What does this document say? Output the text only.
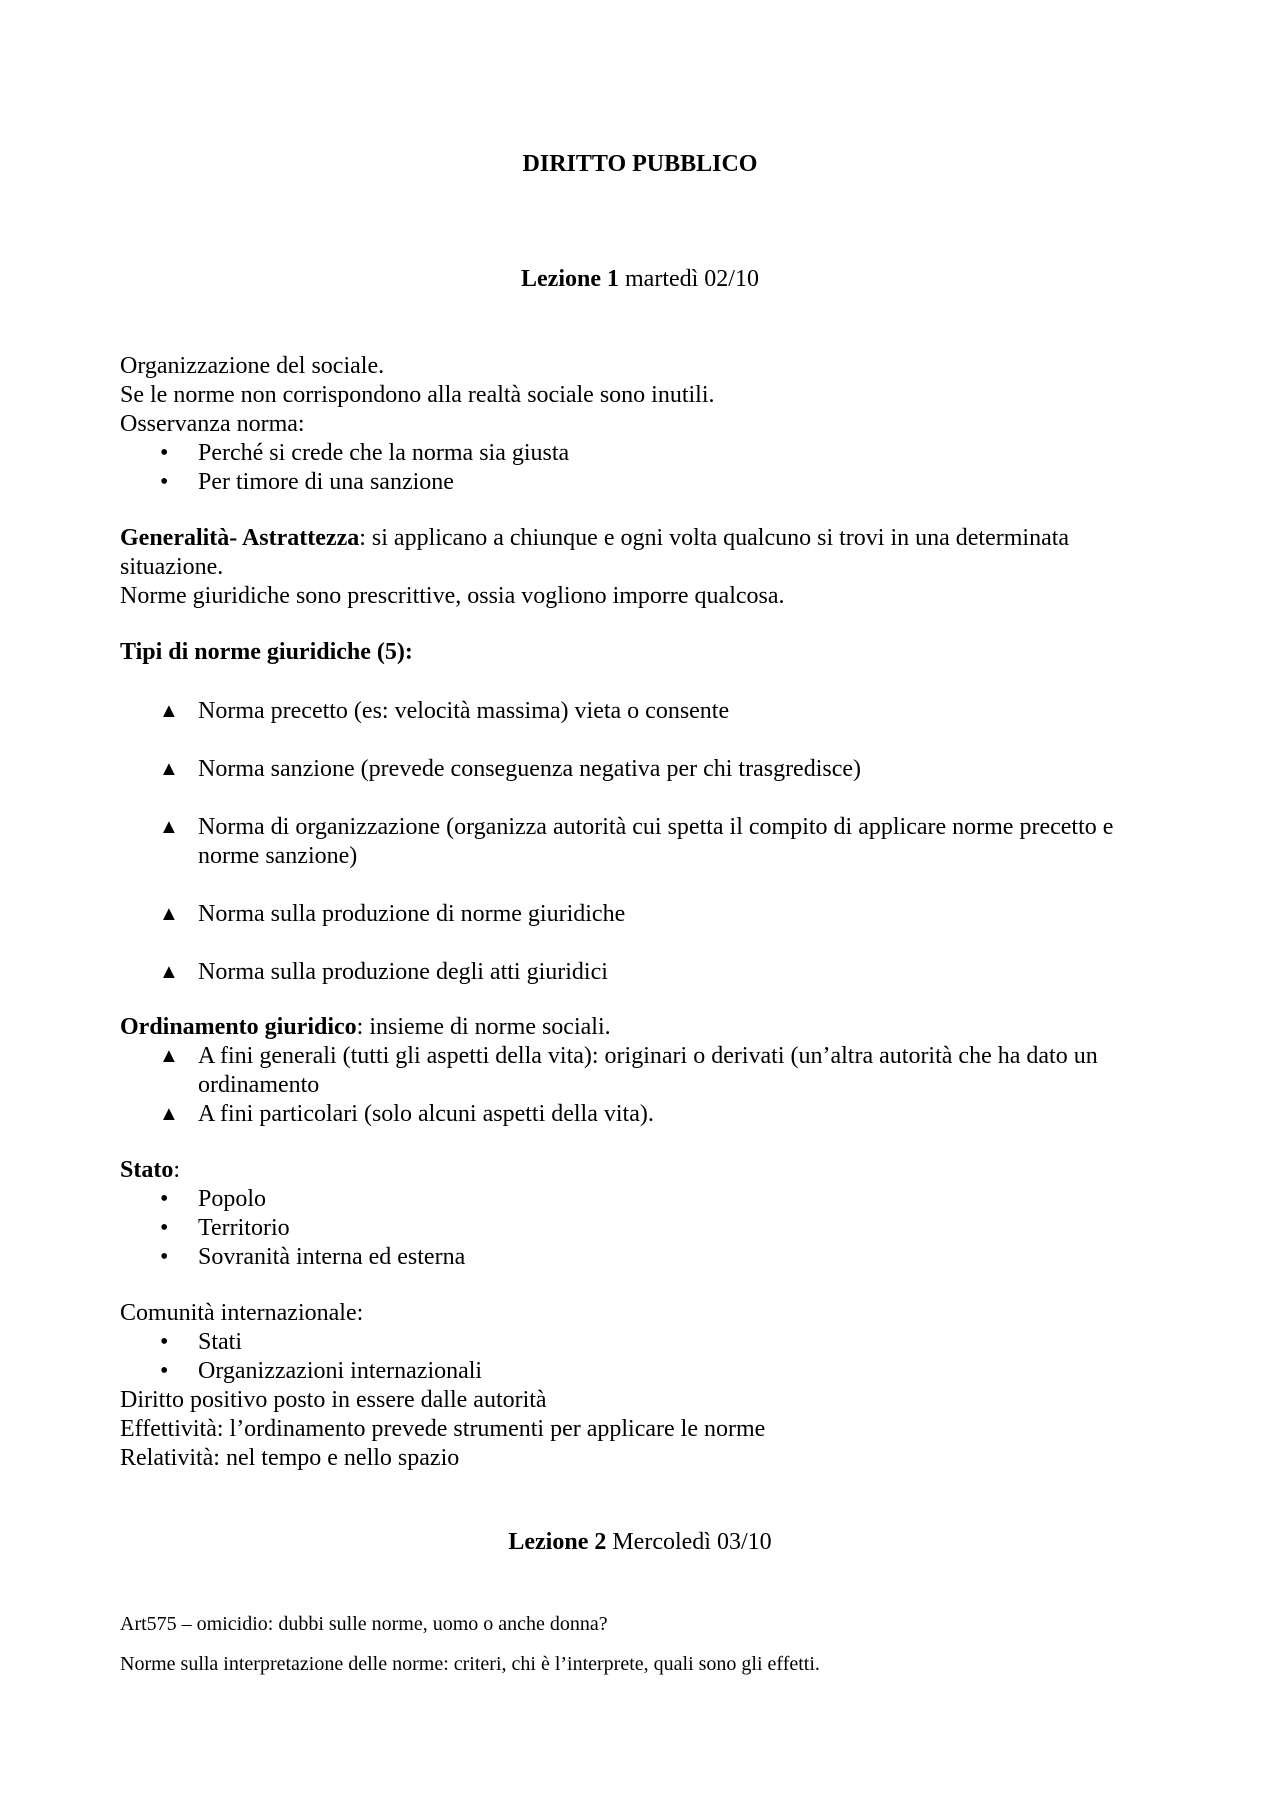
DIRITTO PUBBLICO
Lezione 1 martedì 02/10

Organizzazione del sociale.

Se le norme non corrispondono alla realtà sociale sono inutili.

Osservanza norma:

•	Perché si crede che la norma sia giusta
•	Per timore di una sanzione

Generalità- Astrattezza: si applicano a chiunque e ogni volta qualcuno si trovi in una determinata situazione.

Norme giuridiche sono prescrittive, ossia vogliono imporre qualcosa.

Tipi di norme giuridiche (5):

▲ Norma precetto (es: velocità massima) vieta o consente
▲ Norma sanzione (prevede conseguenza negativa per chi trasgredisce)
▲ Norma di organizzazione (organizza autorità cui spetta il compito di applicare norme precetto e norme sanzione)
▲ Norma sulla produzione di norme giuridiche
▲ Norma sulla produzione degli atti giuridici

Ordinamento giuridico: insieme di norme sociali.

▲ A fini generali (tutti gli aspetti della vita): originari o derivati (un’altra autorità che ha dato un ordinamento
▲ A fini particolari (solo alcuni aspetti della vita).

Stato:

•	Popolo
•	Territorio
•	Sovranità interna ed esterna

Comunità internazionale:

•	Stati
•	Organizzazioni internazionali

Diritto positivo posto in essere dalle autorità

Effettività: l’ordinamento prevede strumenti per applicare le norme

Relatività: nel tempo e nello spazio

Lezione 2 Mercoledì 03/10

Art575 – omicidio: dubbi sulle norme, uomo o anche donna?

Norme sulla interpretazione delle norme: criteri, chi è l’interprete, quali sono gli effetti.
